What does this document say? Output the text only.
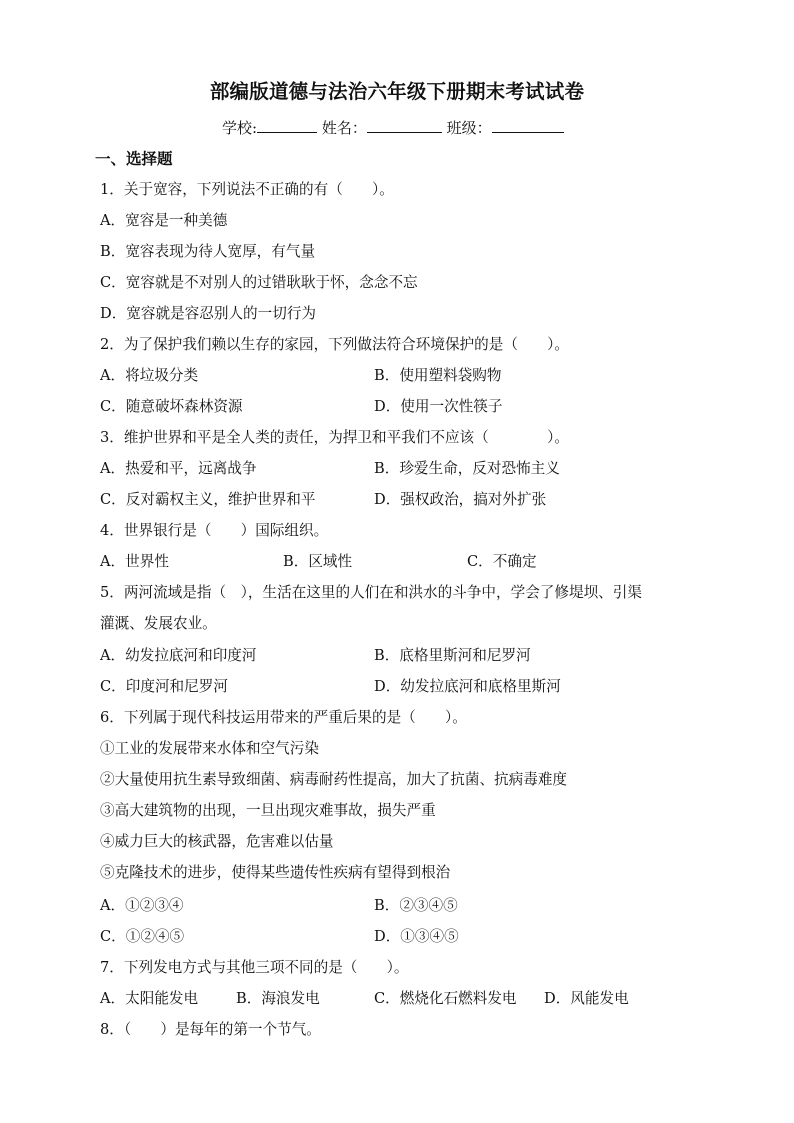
部编版道德与法治六年级下册期末考试试卷
学校:	姓名：	班级：
一、选择题
1．关于宽容，下列说法不正确的有（　　）。
A．宽容是一种美德
B．宽容表现为待人宽厚，有气量
C．宽容就是不对别人的过错耿耿于怀，念念不忘
D．宽容就是容忍别人的一切行为
2．为了保护我们赖以生存的家园，下列做法符合环境保护的是（　　）。
A．将垃圾分类	B．使用塑料袋购物
C．随意破坏森林资源	D．使用一次性筷子
3．维护世界和平是全人类的责任，为捍卫和平我们不应该（　　　　）。
A．热爱和平，远离战争	B．珍爱生命，反对恐怖主义
C．反对霸权主义，维护世界和平	D．强权政治，搞对外扩张
4．世界银行是（　　）国际组织。
A．世界性	B．区域性	C．不确定
5．两河流域是指（　），生活在这里的人们在和洪水的斗争中，学会了修堤坝、引渠
灌溉、发展农业。
A．幼发拉底河和印度河	B．底格里斯河和尼罗河
C．印度河和尼罗河	D．幼发拉底河和底格里斯河
6．下列属于现代科技运用带来的严重后果的是（　　）。
①工业的发展带来水体和空气污染
②大量使用抗生素导致细菌、病毒耐药性提高，加大了抗菌、抗病毒难度
③高大建筑物的出现，一旦出现灾难事故，损失严重
④威力巨大的核武器，危害难以估量
⑤克隆技术的进步，使得某些遗传性疾病有望得到根治
A．①②③④	B．②③④⑤
C．①②④⑤	D．①③④⑤
7．下列发电方式与其他三项不同的是（　　）。
A．太阳能发电	B．海浪发电	C．燃烧化石燃料发电 D．风能发电
8．（　　）是每年的第一个节气。
